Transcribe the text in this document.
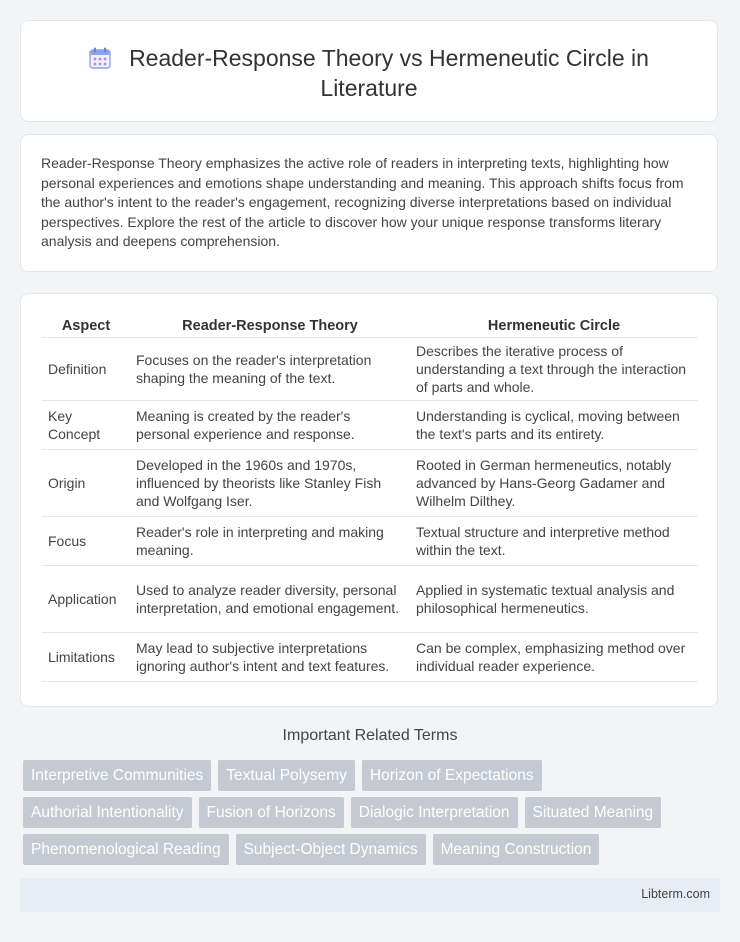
Reader-Response Theory vs Hermeneutic Circle in Literature

Reader-Response Theory emphasizes the active role of readers in interpreting texts, highlighting how personal experiences and emotions shape understanding and meaning. This approach shifts focus from the author's intent to the reader's engagement, recognizing diverse interpretations based on individual perspectives. Explore the rest of the article to discover how your unique response transforms literary analysis and deepens comprehension.

Aspect	Reader-Response Theory	Hermeneutic Circle
Definition	Focuses on the reader's interpretation shaping the meaning of the text.	Describes the iterative process of understanding a text through the interaction of parts and whole.
Key Concept	Meaning is created by the reader's personal experience and response.	Understanding is cyclical, moving between the text's parts and its entirety.
Origin	Developed in the 1960s and 1970s, influenced by theorists like Stanley Fish and Wolfgang Iser.	Rooted in German hermeneutics, notably advanced by Hans-Georg Gadamer and Wilhelm Dilthey.
Focus	Reader's role in interpreting and making meaning.	Textual structure and interpretive method within the text.
Application	Used to analyze reader diversity, personal interpretation, and emotional engagement.	Applied in systematic textual analysis and philosophical hermeneutics.
Limitations	May lead to subjective interpretations ignoring author's intent and text features.	Can be complex, emphasizing method over individual reader experience.
Important Related Terms
Interpretive Communities	Textual Polysemy	Horizon of Expectations
Authorial Intentionality	Fusion of Horizons	Dialogic Interpretation	Situated Meaning
Phenomenological Reading	Subject-Object Dynamics	Meaning Construction
Libterm.com
